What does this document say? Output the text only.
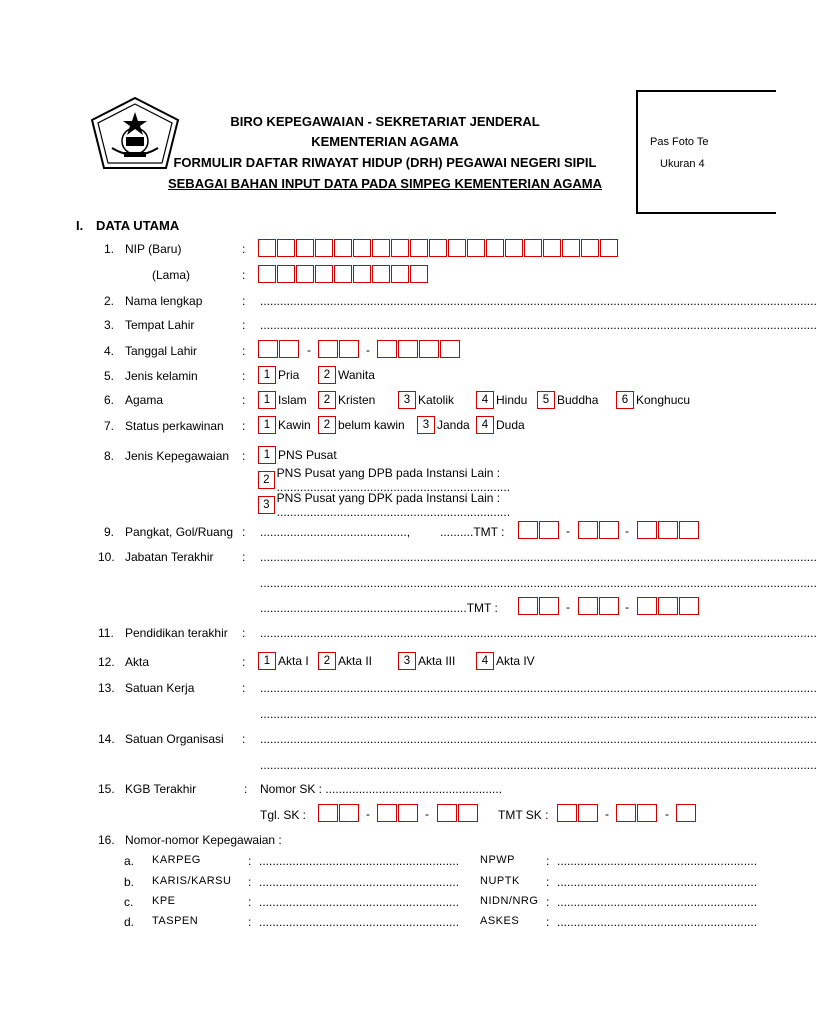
BIRO KEPEGAWAIAN - SEKRETARIAT JENDERAL
KEMENTERIAN AGAMA
FORMULIR DAFTAR RIWAYAT HIDUP (DRH) PEGAWAI NEGERI SIPIL
SEBAGAI BAHAN INPUT DATA PADA SIMPEG KEMENTERIAN AGAMA
Pas Foto Te
Ukuran 4
I. DATA UTAMA
1. NIP (Baru)	:
(Lama)	:
2. Nama lengkap	: .......................................................................................................................................................................
3. Tempat Lahir	: .......................................................................................................................................................................
4. Tanggal Lahir	:	-	-
5. Jenis kelamin	:	1 Pria	2 Wanita
6. Agama	:	1 Islam	2 Kristen	3 Katolik	4 Hindu	5 Buddha	6 Konghucu
7. Status perkawinan :	1 Kawin	2 belum kawin	3 Janda	4 Duda
8. Jenis Kepegawaian :	1 PNS Pusat
2 PNS Pusat yang DPB pada Instansi Lain : ......................................................................
3 PNS Pusat yang DPK pada Instansi Lain : ......................................................................
9. Pangkat, Gol/Ruang : ............................................, ..........TMT :	-	-
10. Jabatan Terakhir : .......................................................................................................................................................................
.......................................................................................................................................................................
..............................................................TMT :	-	-
11. Pendidikan terakhir : .......................................................................................................................................................................
12. Akta	:	1 Akta I	2 Akta II	3 Akta III	4 Akta IV
13. Satuan Kerja	: .......................................................................................................................................................................
.......................................................................................................................................................................
14. Satuan Organisasi : .......................................................................................................................................................................
.......................................................................................................................................................................
15. KGB Terakhir	: Nomor SK : .....................................................
Tgl. SK :	-	-	TMT SK :	-	-
16. Nomor-nomor Kepegawaian :
a. KARPEG	: ............................................................ NPWP	: ............................................................
b. KARIS/KARSU : ............................................................ NUPTK : ............................................................
c. KPE	: ............................................................ NIDN/NRG : ............................................................
d. TASPEN	: ............................................................ ASKES : ............................................................
